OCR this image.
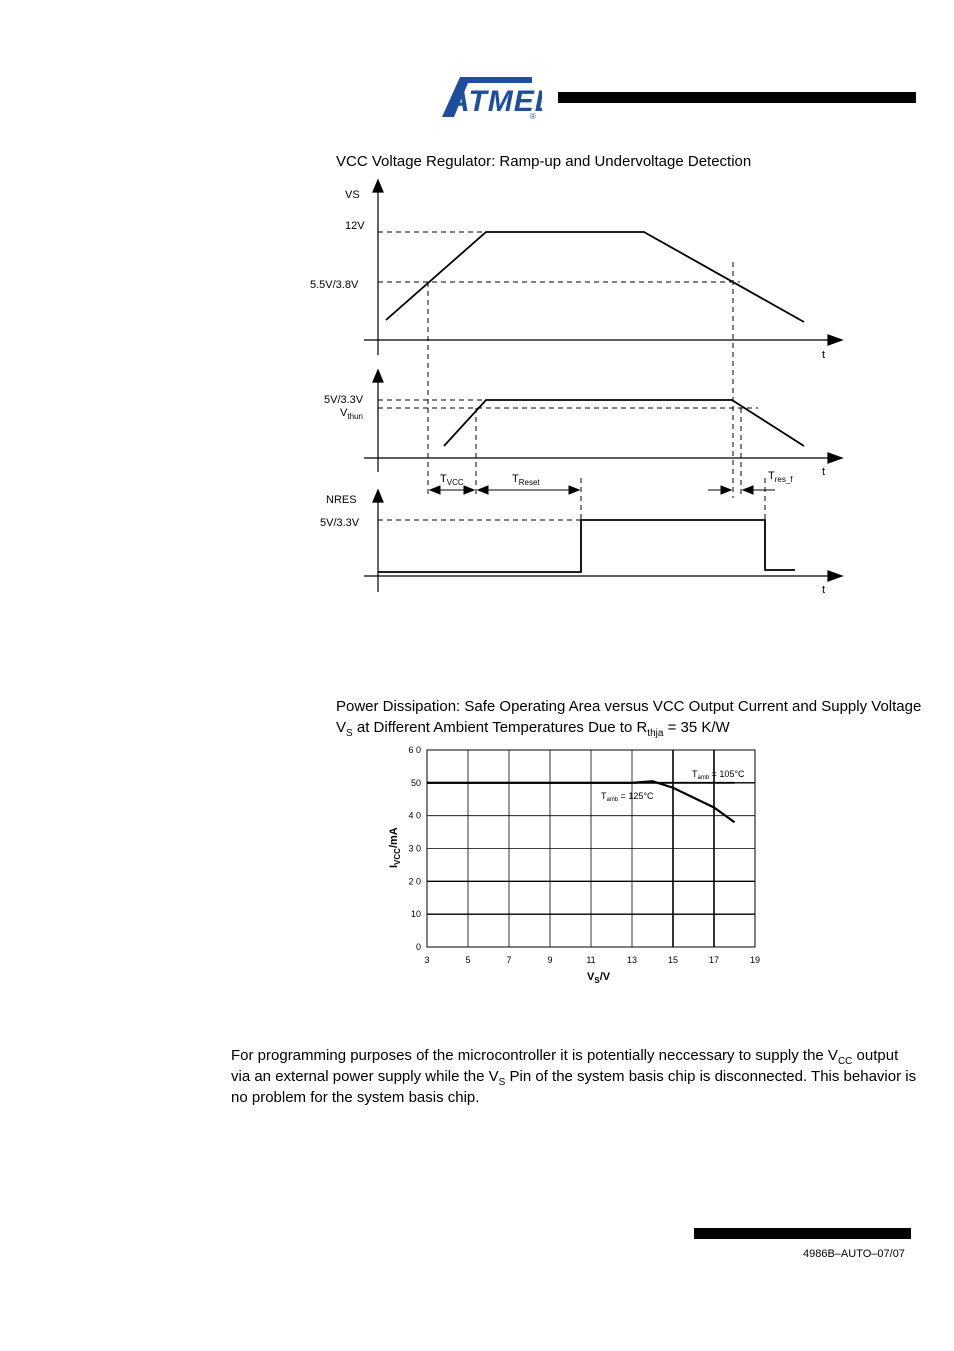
ATME
®
VCC Voltage Regulator: Ramp-up and Undervoltage Detection
VS
12V
5.5V/3.8V
t
5V/3.3V
$V_{thun}$
t
$T_{VCC}$	$T_{Reset}$
$T_{res\_f}$
NRES
5V/3.3V
t
Power Dissipation: Safe Operating Area versus VCC Output Current and Supply Voltage $V_S$ at Different Ambient Temperatures Due to $R_{thja} = 35$ K/W
3	5	7	9	11	13	15	17	19
0
10
2 0
3 0
4 0
50
6 0
$T_{amb} = 105^\circ C$
$T_{amb} = 125^\circ C$
$I_{VCC}/mA$
$V_S/V$
For programming purposes of the microcontroller it is potentially neccessary to supply the $V_{CC}$ output via an external power supply while the $V_S$ Pin of the system basis chip is disconnected. This behavior is no problem for the system basis chip.
4986B–AUTO–07/07
